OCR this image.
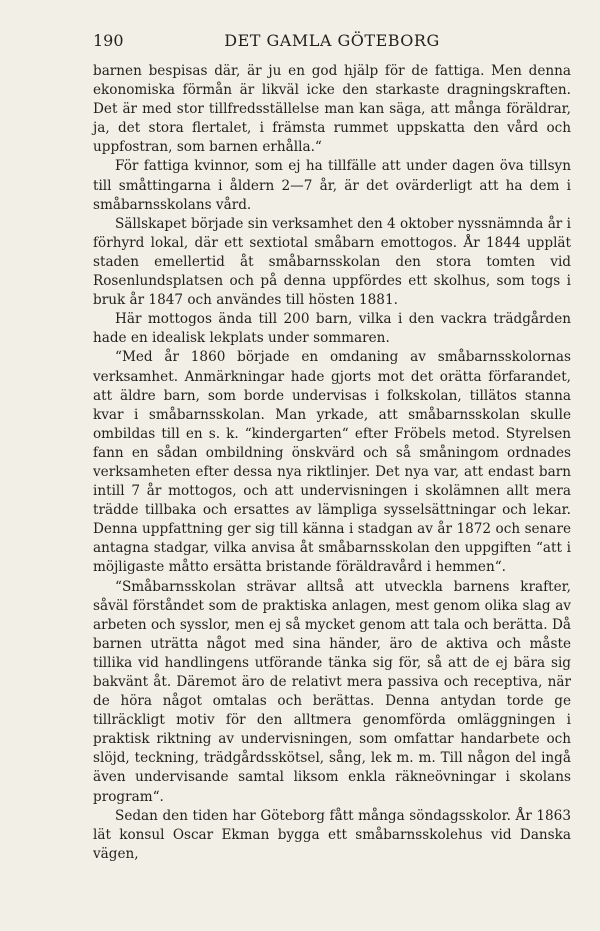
190	DET GAMLA GÖTEBORG

barnen bespisas där, är ju en god hjälp för de fattiga. Men denna ekonomiska förmån är likväl icke den starkaste dragningskraften. Det är med stor tillfredsställelse man kan säga, att många föräldrar, ja, det stora flertalet, i främsta rummet uppskatta den vård och uppfostran, som barnen erhålla.“

För fattiga kvinnor, som ej ha tillfälle att under dagen öva tillsyn till småttingarna i åldern 2—7 år, är det ovärderligt att ha dem i småbarnsskolans vård.

Sällskapet började sin verksamhet den 4 oktober nyssnämnda år i förhyrd lokal, där ett sextiotal småbarn emottogos. År 1844 upplät staden emellertid åt småbarnsskolan den stora tomten vid Rosenlundsplatsen och på denna uppfördes ett skolhus, som togs i bruk år 1847 och användes till hösten 1881.

Här mottogos ända till 200 barn, vilka i den vackra trädgården hade en idealisk lekplats under sommaren.

“Med år 1860 började en omdaning av småbarnsskolornas verksamhet. Anmärkningar hade gjorts mot det orätta förfarandet, att äldre barn, som borde undervisas i folkskolan, tillätos stanna kvar i småbarnsskolan. Man yrkade, att småbarnsskolan skulle ombildas till en s. k. “kindergarten“ efter Fröbels metod. Styrelsen fann en sådan ombildning önskvärd och så småningom ordnades verksamheten efter dessa nya riktlinjer. Det nya var, att endast barn intill 7 år mottogos, och att undervisningen i skolämnen allt mera trädde tillbaka och ersattes av lämpliga sysselsättningar och lekar. Denna uppfattning ger sig till känna i stadgan av år 1872 och senare antagna stadgar, vilka anvisa åt småbarnsskolan den uppgiften “att i möjligaste måtto ersätta bristande föräldravård i hemmen“.

“Småbarnsskolan strävar alltså att utveckla barnens krafter, såväl förståndet som de praktiska anlagen, mest genom olika slag av arbeten och sysslor, men ej så mycket genom att tala och berätta. Då barnen uträtta något med sina händer, äro de aktiva och måste tillika vid handlingens utförande tänka sig för, så att de ej bära sig bakvänt åt. Däremot äro de relativt mera passiva och receptiva, när de höra något omtalas och berättas. Denna antydan torde ge tillräckligt motiv för den alltmera genomförda omläggningen i praktisk riktning av undervisningen, som omfattar handarbete och slöjd, teckning, trädgårdsskötsel, sång, lek m. m. Till någon del ingå även undervisande samtal liksom enkla räkneövningar i skolans program“.

Sedan den tiden har Göteborg fått många söndagsskolor. År 1863 lät konsul Oscar Ekman bygga ett småbarnsskolehus vid Danska vägen,
